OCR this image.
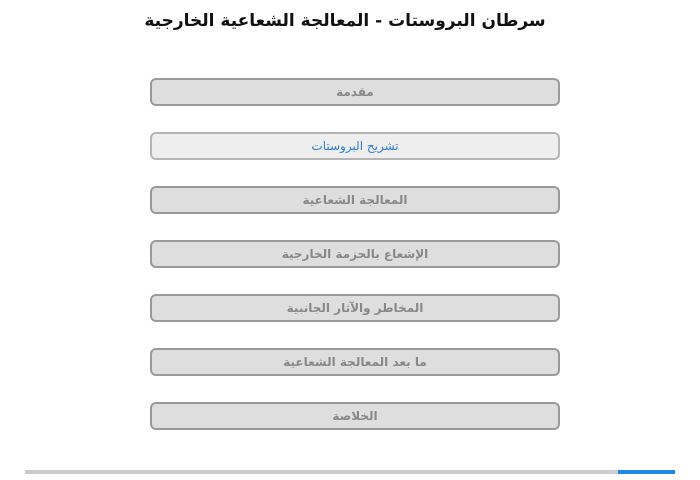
سرطان البروستات - المعالجة الشعاعية الخارجية
مقدمة
تشريح البروستات
المعالجة الشعاعية
الإشعاع بالحزمة الخارجية
المخاطر والآثار الجانبية
ما بعد المعالجة الشعاعية
الخلاصة
